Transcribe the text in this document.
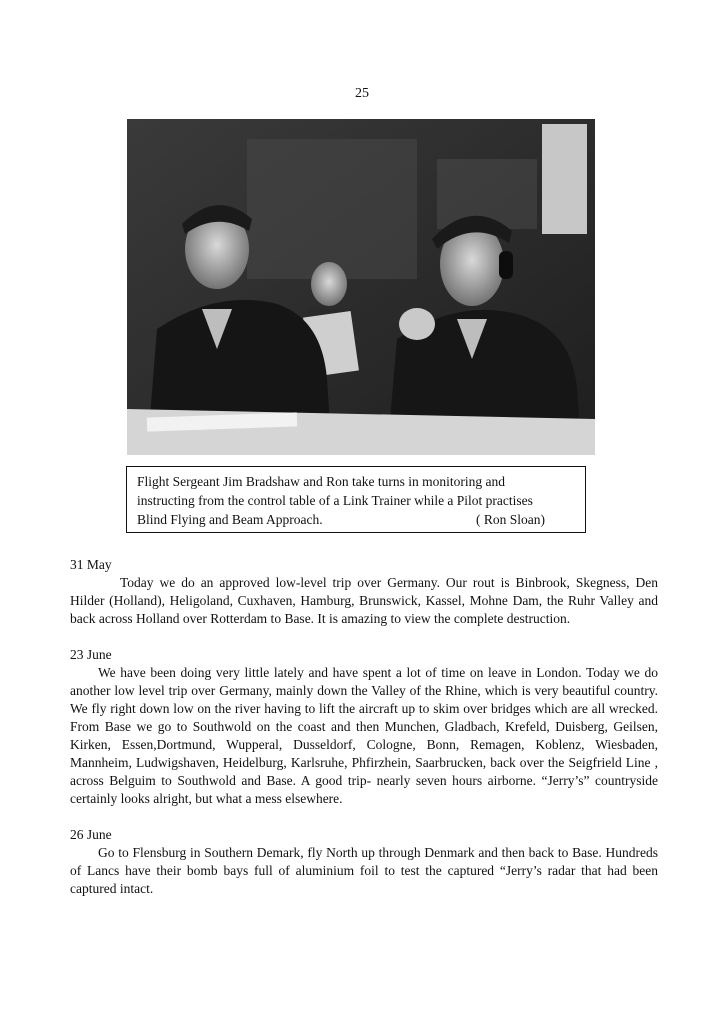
25
Flight Sergeant Jim Bradshaw and Ron take turns in monitoring and
instructing from the control table of a Link Trainer while a Pilot practises
Blind Flying and Beam Approach.	( Ron Sloan)
31 May
Today we do an approved low-level trip over Germany. Our rout is Binbrook, Skegness, Den Hilder (Holland), Heligoland, Cuxhaven, Hamburg, Brunswick, Kassel, Mohne Dam, the Ruhr Valley and back across Holland over Rotterdam to Base. It is amazing to view the complete destruction.
23 June
We have been doing very little lately and have spent a lot of time on leave in London. Today we do another low level trip over Germany, mainly down the Valley of the Rhine, which is very beautiful country. We fly right down low on the river having to lift the aircraft up to skim over bridges which are all wrecked. From Base we go to Southwold on the coast and then Munchen, Gladbach, Krefeld, Duisberg, Geilsen, Kirken, Essen,Dortmund, Wupperal, Dusseldorf, Cologne, Bonn, Remagen, Koblenz, Wiesbaden, Mannheim, Ludwigshaven, Heidelburg, Karlsruhe, Phfirzhein, Saarbrucken, back over the Seigfrield Line , across Belguim to Southwold and Base. A good trip- nearly seven hours airborne. “Jerry’s” countryside certainly looks alright, but what a mess elsewhere.
26 June
Go to Flensburg in Southern Demark, fly North up through Denmark and then back to Base. Hundreds of Lancs have their bomb bays full of aluminium foil to test the captured “Jerry’s radar that had been captured intact.
